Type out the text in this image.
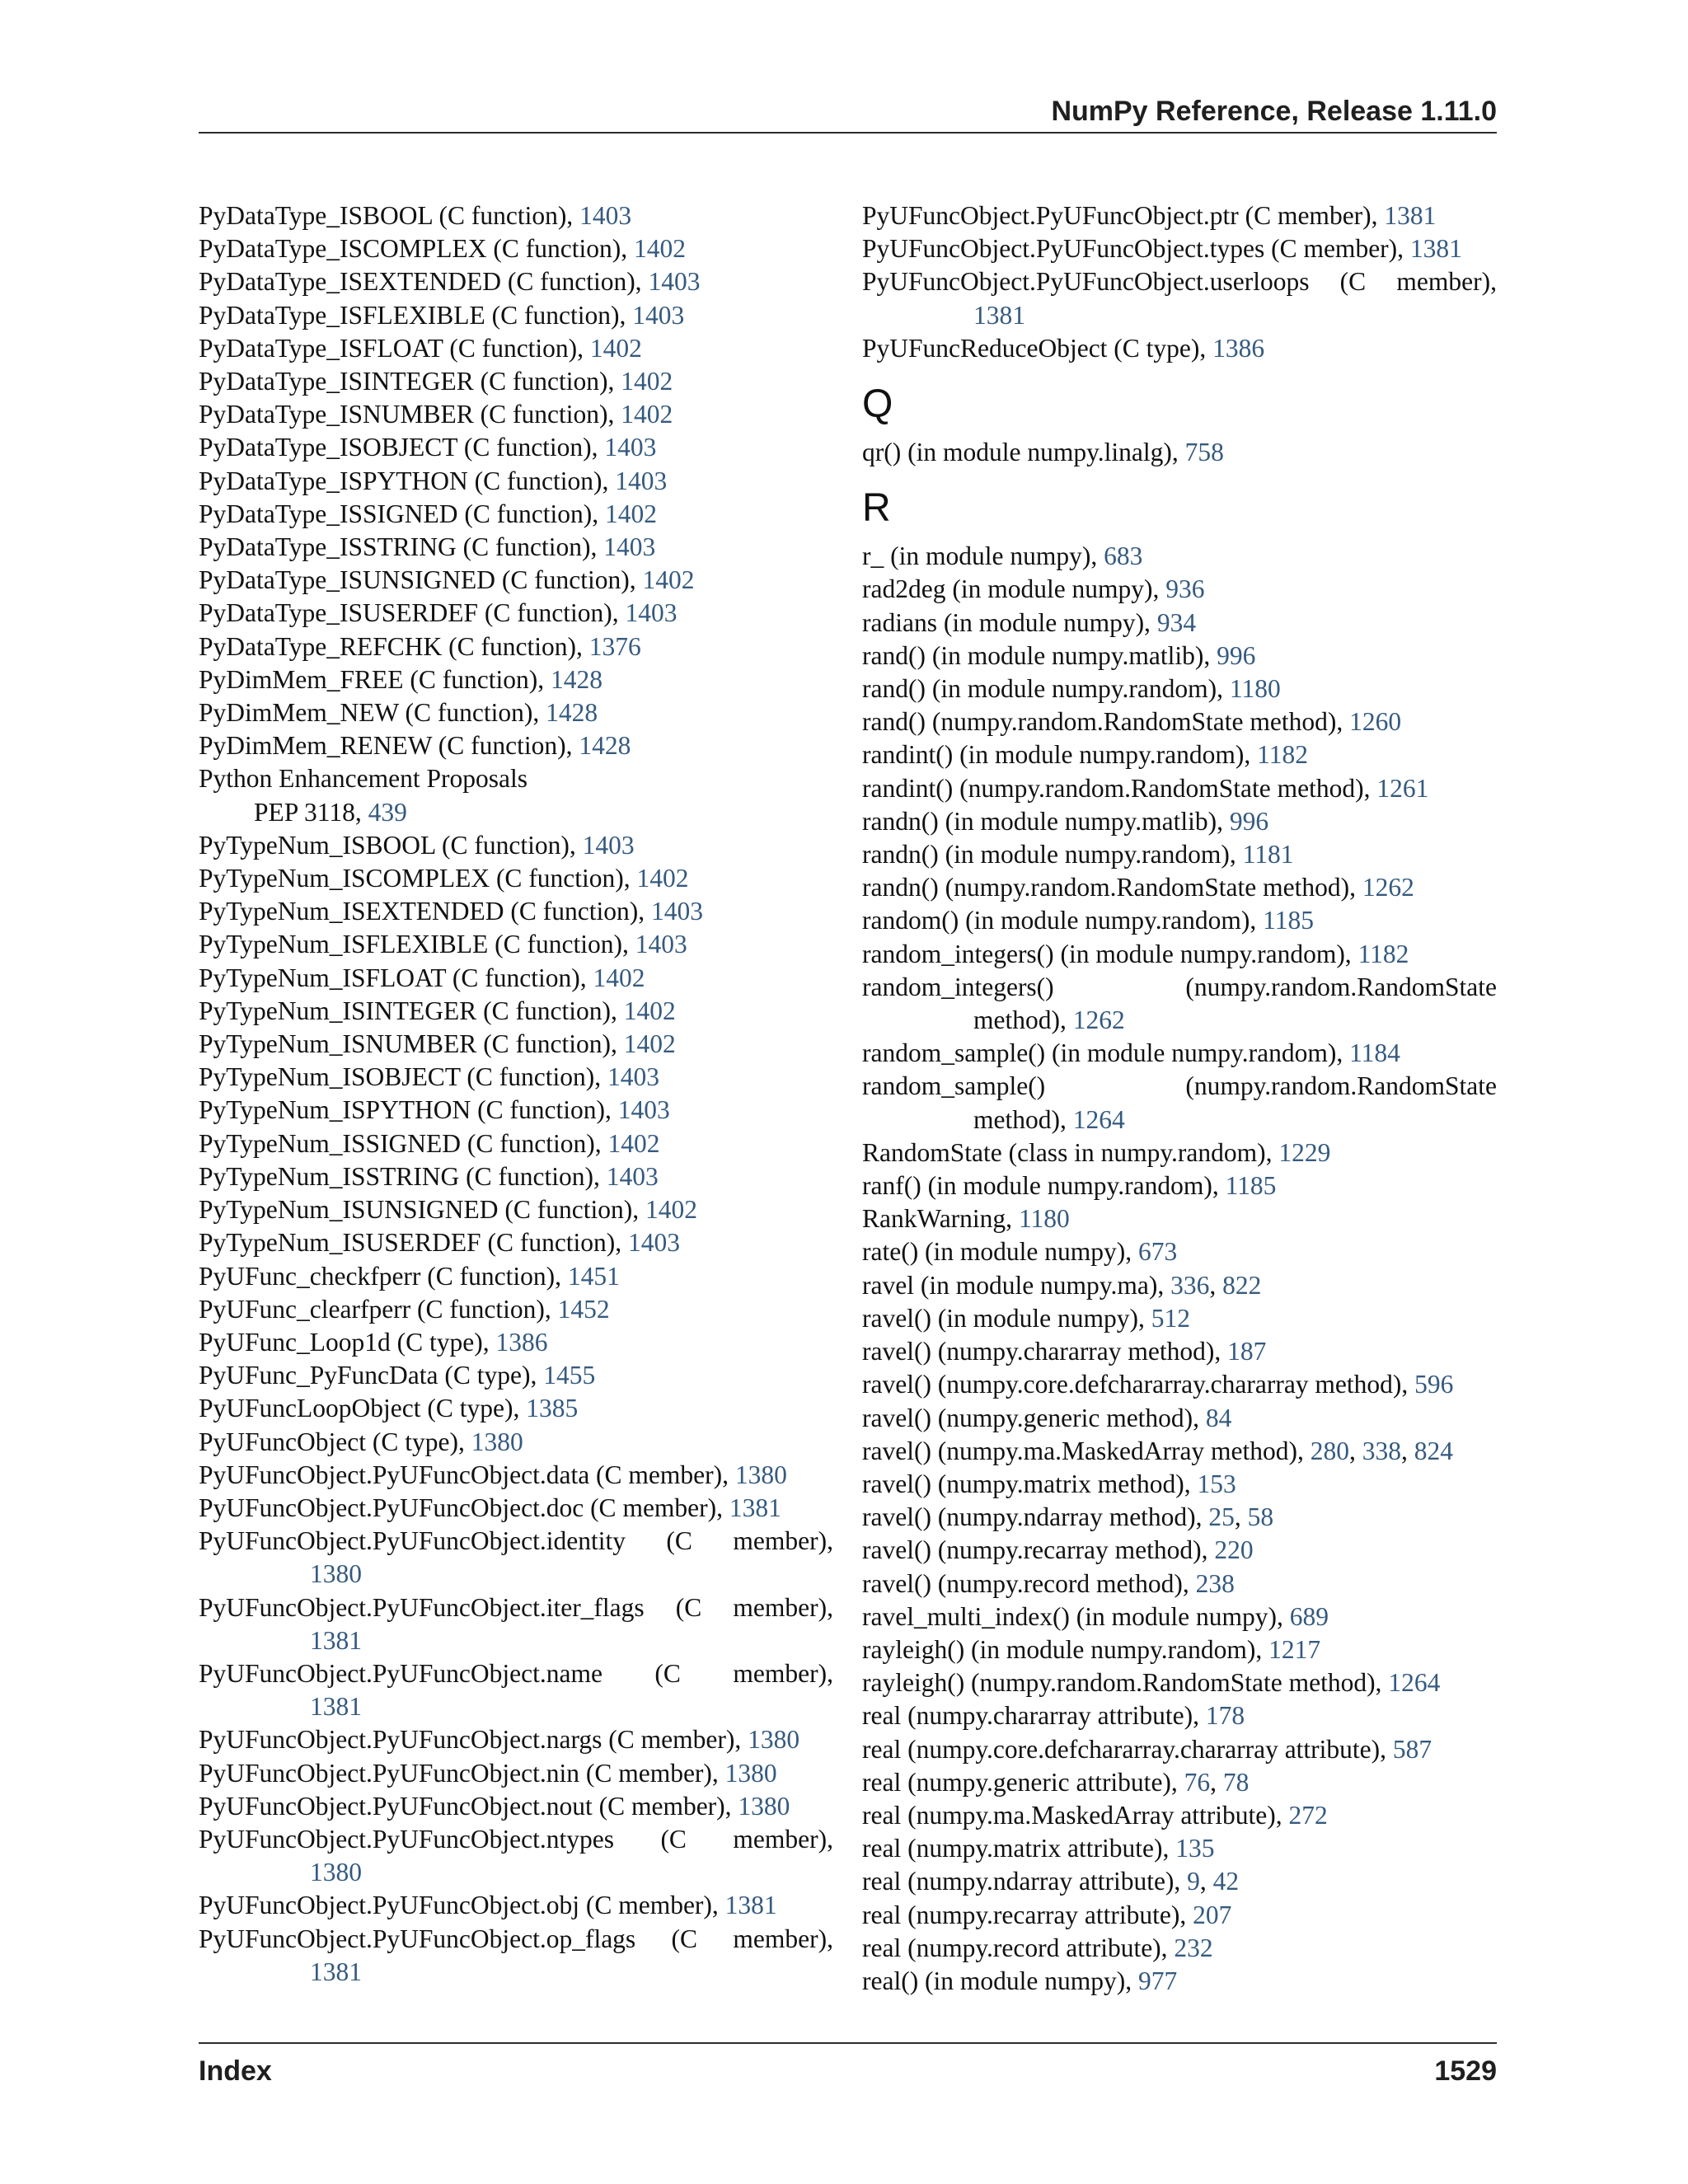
NumPy Reference, Release 1.11.0
PyDataType_ISBOOL (C function), 1403
PyDataType_ISCOMPLEX (C function), 1402
PyDataType_ISEXTENDED (C function), 1403
PyDataType_ISFLEXIBLE (C function), 1403
PyDataType_ISFLOAT (C function), 1402
PyDataType_ISINTEGER (C function), 1402
PyDataType_ISNUMBER (C function), 1402
PyDataType_ISOBJECT (C function), 1403
PyDataType_ISPYTHON (C function), 1403
PyDataType_ISSIGNED (C function), 1402
PyDataType_ISSTRING (C function), 1403
PyDataType_ISUNSIGNED (C function), 1402
PyDataType_ISUSERDEF (C function), 1403
PyDataType_REFCHK (C function), 1376
PyDimMem_FREE (C function), 1428
PyDimMem_NEW (C function), 1428
PyDimMem_RENEW (C function), 1428
Python Enhancement Proposals
PEP 3118, 439
PyTypeNum_ISBOOL (C function), 1403
PyTypeNum_ISCOMPLEX (C function), 1402
PyTypeNum_ISEXTENDED (C function), 1403
PyTypeNum_ISFLEXIBLE (C function), 1403
PyTypeNum_ISFLOAT (C function), 1402
PyTypeNum_ISINTEGER (C function), 1402
PyTypeNum_ISNUMBER (C function), 1402
PyTypeNum_ISOBJECT (C function), 1403
PyTypeNum_ISPYTHON (C function), 1403
PyTypeNum_ISSIGNED (C function), 1402
PyTypeNum_ISSTRING (C function), 1403
PyTypeNum_ISUNSIGNED (C function), 1402
PyTypeNum_ISUSERDEF (C function), 1403
PyUFunc_checkfperr (C function), 1451
PyUFunc_clearfperr (C function), 1452
PyUFunc_Loop1d (C type), 1386
PyUFunc_PyFuncData (C type), 1455
PyUFuncLoopObject (C type), 1385
PyUFuncObject (C type), 1380
PyUFuncObject.PyUFuncObject.data (C member), 1380
PyUFuncObject.PyUFuncObject.doc (C member), 1381
PyUFuncObject.PyUFuncObject.identity (C member),
1380
PyUFuncObject.PyUFuncObject.iter_flags (C member),
1381
PyUFuncObject.PyUFuncObject.name (C member),
1381
PyUFuncObject.PyUFuncObject.nargs (C member), 1380
PyUFuncObject.PyUFuncObject.nin (C member), 1380
PyUFuncObject.PyUFuncObject.nout (C member), 1380
PyUFuncObject.PyUFuncObject.ntypes (C member),
1380
PyUFuncObject.PyUFuncObject.obj (C member), 1381
PyUFuncObject.PyUFuncObject.op_flags (C member),
1381
PyUFuncObject.PyUFuncObject.ptr (C member), 1381
PyUFuncObject.PyUFuncObject.types (C member), 1381
PyUFuncObject.PyUFuncObject.userloops (C member),
1381
PyUFuncReduceObject (C type), 1386
Q
qr() (in module numpy.linalg), 758
R
r_ (in module numpy), 683
rad2deg (in module numpy), 936
radians (in module numpy), 934
rand() (in module numpy.matlib), 996
rand() (in module numpy.random), 1180
rand() (numpy.random.RandomState method), 1260
randint() (in module numpy.random), 1182
randint() (numpy.random.RandomState method), 1261
randn() (in module numpy.matlib), 996
randn() (in module numpy.random), 1181
randn() (numpy.random.RandomState method), 1262
random() (in module numpy.random), 1185
random_integers() (in module numpy.random), 1182
random_integers() (numpy.random.RandomState
method), 1262
random_sample() (in module numpy.random), 1184
random_sample() (numpy.random.RandomState
method), 1264
RandomState (class in numpy.random), 1229
ranf() (in module numpy.random), 1185
RankWarning, 1180
rate() (in module numpy), 673
ravel (in module numpy.ma), 336, 822
ravel() (in module numpy), 512
ravel() (numpy.chararray method), 187
ravel() (numpy.core.defchararray.chararray method), 596
ravel() (numpy.generic method), 84
ravel() (numpy.ma.MaskedArray method), 280, 338, 824
ravel() (numpy.matrix method), 153
ravel() (numpy.ndarray method), 25, 58
ravel() (numpy.recarray method), 220
ravel() (numpy.record method), 238
ravel_multi_index() (in module numpy), 689
rayleigh() (in module numpy.random), 1217
rayleigh() (numpy.random.RandomState method), 1264
real (numpy.chararray attribute), 178
real (numpy.core.defchararray.chararray attribute), 587
real (numpy.generic attribute), 76, 78
real (numpy.ma.MaskedArray attribute), 272
real (numpy.matrix attribute), 135
real (numpy.ndarray attribute), 9, 42
real (numpy.recarray attribute), 207
real (numpy.record attribute), 232
real() (in module numpy), 977
Index	1529
